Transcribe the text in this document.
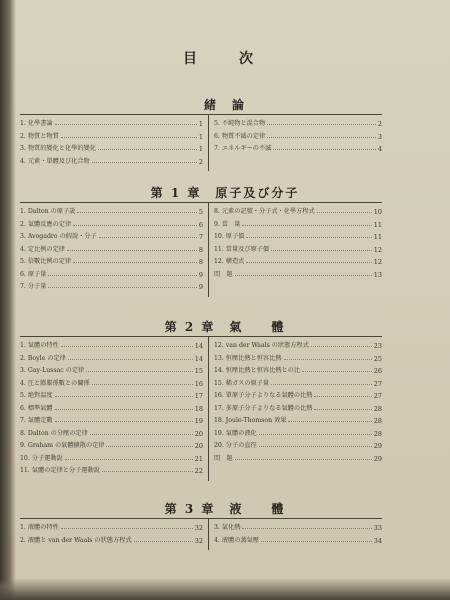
目　次
緒　論
1. 化學書論	1
2. 物質と物質	1
3. 物質的變化と化學的變化	1
4. 元素・單體及び化合物	2
5. 不純物と混合物	2
6. 物質不滅の定律	3
7. エネルギーの不滅	4
第 1 章　原子及び分子
1. Dalton の原子説	5
2. 氣體反應の定律	6
3. Avogadro の假說・分子	7
4. 定比例の定律	8
5. 倍數比例の定律	8
6. 原子量	9
7. 分子量	9
8. 元素の記號・分子式・化學方程式	10
9. 當　量	11
10. 原子價	11
11. 當量及び原子價	12
12. 構造式	12
問　題	13
第 2 章　氣　　體
1. 氣體の特性	14
2. Boyle の定律	14
3. Gay-Lussac の定律	15
4. 圧と膨脹係數との關係	16
5. 絶對温度	17
6. 標準氣體	18
7. 氣體定數	19
8. Dalton の分壓の定律	20
9. Graham の氣體擴散の定律	20
10. 分子運動說	21
11. 氣體の定律と分子運動說	22
12. van der Waals の狀態方程式	23
13. 恒壓比熱と恒容比熱	25
14. 恒壓比熱と恒容比熱との比	26
15. 稀ガスの原子量	27
16. 單原子分子よりなる氣體の比熱	27
17. 多原子分子よりなる氣體の比熱	28
18. Joule-Thomson 效果	28
19. 氣體の液化	28
20. 分子の直徑	29
問　題	29
第 3 章　液　　體
1. 液體の特性	32
2. 液體と van der Waals の狀態方程式	32
3. 氣化熱	33
4. 液體の蒸氣壓	34
